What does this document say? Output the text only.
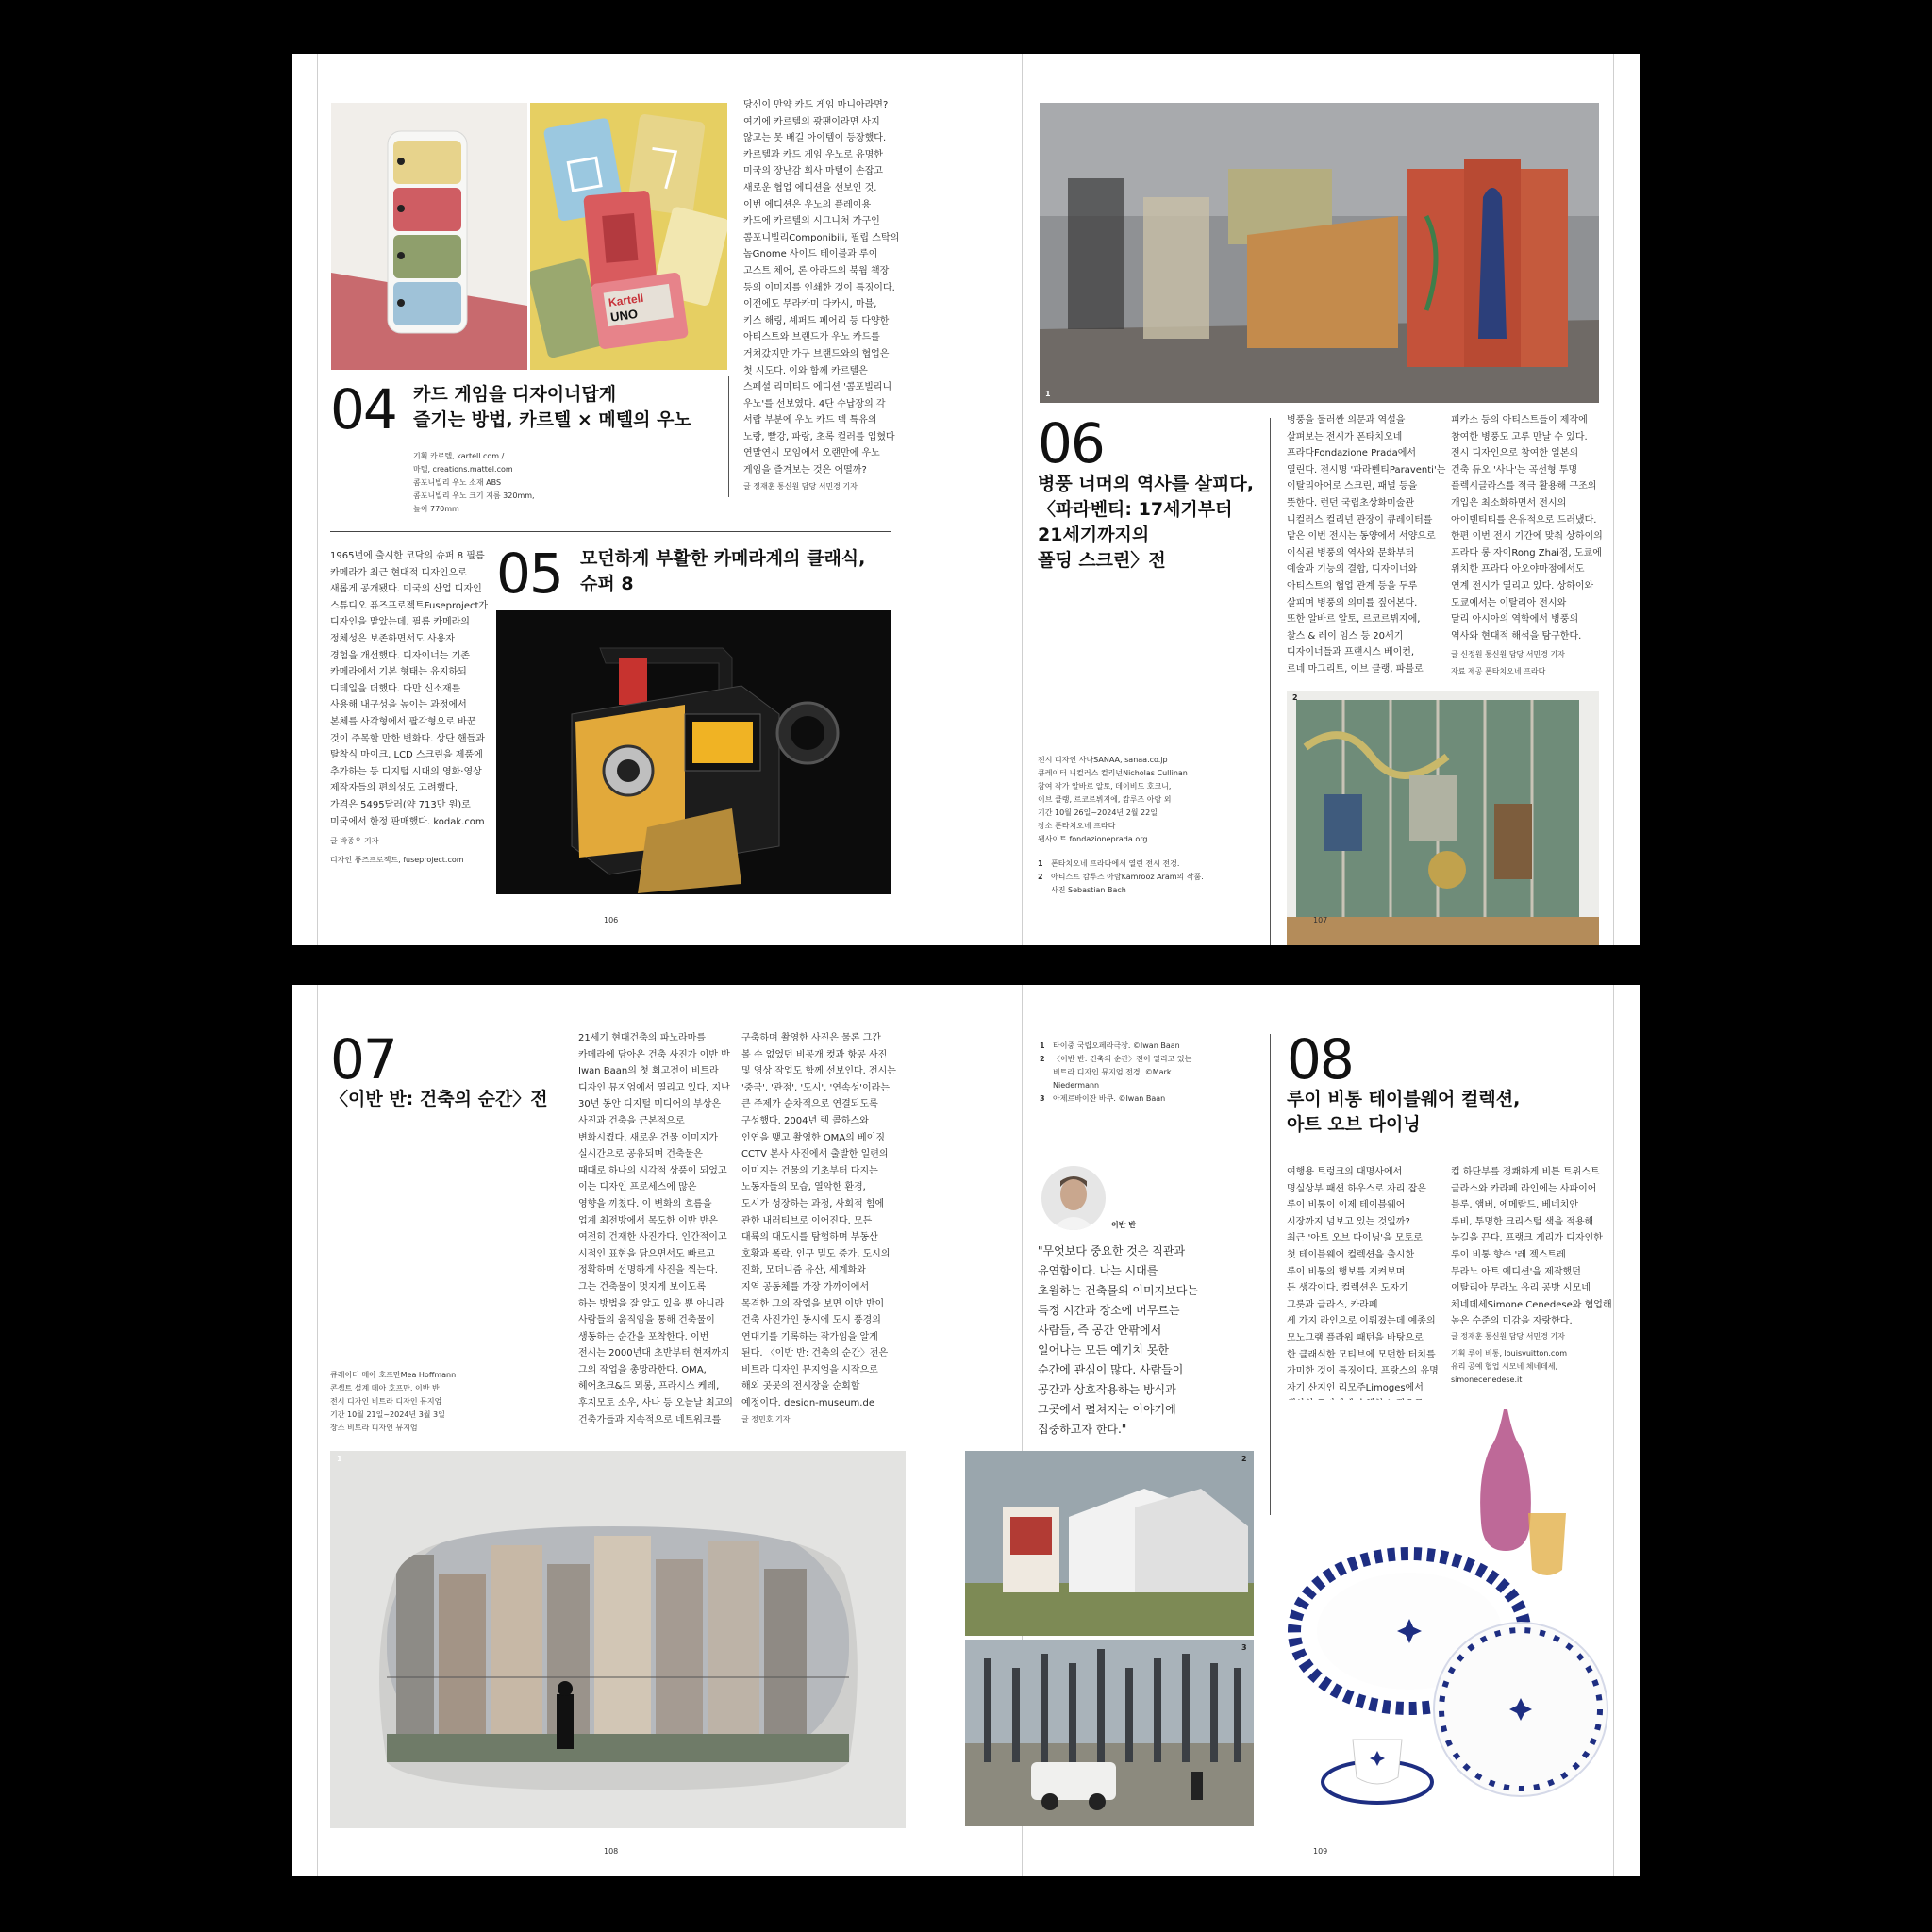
Kartell
UNO
당신이 만약 카드 게임 마니아라면?
여기에 카르텔의 광팬이라면 사지
않고는 못 배길 아이템이 등장했다.
카르텔과 카드 게임 우노로 유명한
미국의 장난감 회사 마텔이 손잡고
새로운 협업 에디션을 선보인 것.
이번 에디션은 우노의 플레이용
카드에 카르텔의 시그니처 가구인
콤포니빌리Componibili, 필립 스탁의
놈Gnome 사이드 테이블과 루이
고스트 체어, 론 아라드의 북웜 책장
등의 이미지를 인쇄한 것이 특징이다.
이전에도 무라카미 다카시, 마블,
키스 해링, 셰퍼드 페어리 등 다양한
아티스트와 브랜드가 우노 카드를
거쳐갔지만 가구 브랜드와의 협업은
첫 시도다. 이와 함께 카르텔은
스페셜 리미티드 에디션 '콤포빌리니
우노'를 선보였다. 4단 수납장의 각
서랍 부분에 우노 카드 덱 특유의
노랑, 빨강, 파랑, 초록 컬러를 입혔다
연말연시 모임에서 오랜만에 우노
게임을 즐겨보는 것은 어떨까?
글 정재훈 통신원 담당 서민경 기자
04 카드 게임을 디자이너답게
즐기는 방법, 카르텔 × 메텔의 우노
기획 카르텔, kartell.com /
마텔, creations.mattel.com
콤포니빌리 우노 소재 ABS
콤포니빌리 우노 크기 지름 320mm,
높이 770mm
1965년에 출시한 코닥의 슈퍼 8 필름
카메라가 최근 현대적 디자인으로
새롭게 공개됐다. 미국의 산업 디자인
스튜디오 퓨즈프로젝트Fuseproject가
디자인을 맡았는데, 필름 카메라의
정체성은 보존하면서도 사용자
경험을 개선했다. 디자이너는 기존
카메라에서 기본 형태는 유지하되
디테일을 더했다. 다만 신소재를
사용해 내구성을 높이는 과정에서
본체를 사각형에서 팔각형으로 바꾼
것이 주목할 만한 변화다. 상단 핸들과
탈착식 마이크, LCD 스크린을 제품에
추가하는 등 디지털 시대의 영화·영상
제작자들의 편의성도 고려했다.
가격은 5495달러(약 713만 원)로
미국에서 한정 판매했다. kodak.com
글 박종우 기자
디자인 퓨즈프로젝트, fuseproject.com
05 모던하게 부활한 카메라계의 클래식,
슈퍼 8
106
1
06
병풍 너머의 역사를 살피다,
〈파라벤티: 17세기부터
21세기까지의
폴딩 스크린〉전
병풍을 둘러싼 의문과 역설을
살펴보는 전시가 폰타치오네
프라다Fondazione Prada에서
열린다. 전시명 '파라벤티Paraventi'는
이탈리아어로 스크린, 패널 등을
뜻한다. 런던 국립초상화미술관
니컬러스 컬리넌 관장이 큐레이터를
맡은 이번 전시는 동양에서 서양으로
이식된 병풍의 역사와 문화부터
예술과 기능의 결합, 디자이너와
아티스트의 협업 관계 등을 두루
살피며 병풍의 의미를 짚어본다.
또한 알바르 알토, 르코르뷔지에,
찰스 & 레이 임스 등 20세기
디자이너들과 프랜시스 베이컨,
르네 마그리트, 이브 클랭, 파블로
피카소 등의 아티스트들이 제작에
참여한 병풍도 고루 만날 수 있다.
전시 디자인으로 참여한 일본의
건축 듀오 '사나'는 곡선형 투명
플렉시글라스를 적극 활용해 구조의
개입은 최소화하면서 전시의
아이덴티티를 은유적으로 드러냈다.
한편 이번 전시 기간에 맞춰 상하이의
프라다 롱 자이Rong Zhai점, 도쿄에
위치한 프라다 아오야마점에서도
연계 전시가 열리고 있다. 상하이와
도쿄에서는 이탈리아 전시와
달리 아시아의 역학에서 병풍의
역사와 현대적 해석을 탐구한다.
글 신정원 통신원 담당 서민경 기자
자료 제공 폰타치오네 프라다
전시 디자인 사나SANAA, sanaa.co.jp
큐레이터 니컬러스 컬리넌Nicholas Cullinan
참여 작가 알바르 알토, 데이비드 호크니,
이브 클랭, 르코르뷔지에, 캄루즈 아람 외
기간 10월 26일~2024년 2월 22일
장소 폰타치오네 프라다
웹사이트 fondazioneprada.org
1	폰타치오네 프라다에서 열린 전시 전경.
2	아티스트 캄루즈 아람Kamrooz Aram의 작품.
사진 Sebastian Bach
2
107
07
〈이반 반: 건축의 순간〉전
21세기 현대건축의 파노라마를
카메라에 담아온 건축 사진가 이반 반
Iwan Baan의 첫 회고전이 비트라
디자인 뮤지엄에서 열리고 있다. 지난
30년 동안 디지털 미디어의 부상은
사진과 건축을 근본적으로
변화시켰다. 새로운 건물 이미지가
실시간으로 공유되며 건축물은
때때로 하나의 시각적 상품이 되었고
이는 디자인 프로세스에 많은
영향을 끼쳤다. 이 변화의 흐름을
업계 최전방에서 목도한 이반 반은
여전히 건재한 사진가다. 인간적이고
시적인 표현을 담으면서도 빠르고
정확하며 선명하게 사진을 찍는다.
그는 건축물이 멋지게 보이도록
하는 방법을 잘 알고 있을 뿐 아니라
사람들의 움직임을 통해 건축물이
생동하는 순간을 포착한다. 이번
전시는 2000년대 초반부터 현재까지
그의 작업을 총망라한다. OMA,
헤어초크&드 뫼롱, 프라시스 케레,
후지모토 소우, 사나 등 오늘날 최고의
건축가들과 지속적으로 네트워크를
구축하며 촬영한 사진은 물론 그간
볼 수 없었던 비공개 컷과 항공 사진
및 영상 작업도 함께 선보인다. 전시는
'중국', '관점', '도시', '연속성'이라는
큰 주제가 순차적으로 연결되도록
구성했다. 2004년 렘 콜하스와
인연을 맺고 촬영한 OMA의 베이징
CCTV 본사 사진에서 출발한 일련의
이미지는 건물의 기초부터 다지는
노동자들의 모습, 열악한 환경,
도시가 성장하는 과정, 사회적 힘에
관한 내러티브로 이어진다. 모든
대륙의 대도시를 탐험하며 부동산
호황과 폭락, 인구 밀도 증가, 도시의
진화, 모더니즘 유산, 세계화와
지역 공동체를 가장 가까이에서
목격한 그의 작업을 보면 이반 반이
건축 사진가인 동시에 도시 풍경의
연대기를 기록하는 작가임을 알게
된다. 〈이반 반: 건축의 순간〉전은
비트라 디자인 뮤지엄을 시작으로
해외 곳곳의 전시장을 순회할
예정이다. design-museum.de
글 정민호 기자
큐레이터 메아 호프만Mea Hoffmann
콘셉트 설계 메아 호프만, 이반 반
전시 디자인 비트라 디자인 뮤지엄
기간 10월 21일~2024년 3월 3일
장소 비트라 디자인 뮤지엄
1
108
1	타이중 국립오페라극장. ©Iwan Baan
2	〈이반 반: 건축의 순간〉전이 열리고 있는 비트라 디자인 뮤지엄 전경. ©Mark Niedermann
3	아제르바이잔 바쿠. ©Iwan Baan
이반 반
"무엇보다 중요한 것은 직관과
유연함이다. 나는 시대를
초월하는 건축물의 이미지보다는
특정 시간과 장소에 머무르는
사람들, 즉 공간 안팎에서
일어나는 모든 예기치 못한
순간에 관심이 많다. 사람들이
공간과 상호작용하는 방식과
그곳에서 펼쳐지는 이야기에
집중하고자 한다."
2
3
08
루이 비통 테이블웨어 컬렉션,
아트 오브 다이닝
여행용 트렁크의 대명사에서
명실상부 패션 하우스로 자리 잡은
루이 비통이 이제 테이블웨어
시장까지 넘보고 있는 것일까?
최근 '아트 오브 다이닝'을 모토로
첫 테이블웨어 컬렉션을 출시한
루이 비통의 행보를 지켜보며
든 생각이다. 컬렉션은 도자기
그릇과 글라스, 카라페
세 가지 라인으로 이뤄졌는데 예종의
모노그램 플라워 패턴을 바탕으로
한 클래식한 모티브에 모던한 터치를
가미한 것이 특징이다. 프랑스의 유명
자기 산지인 리모주Limoges에서

컵 하단부를 경쾌하게 비튼 트위스트
글라스와 카라페 라인에는 사파이어
블루, 앰버, 에메랄드, 베네치안
루비, 투명한 크리스털 색을 적용해
눈길을 끈다. 프랭크 게리가 디자인한
루이 비통 향수 '레 젝스트레
무라노 아트 에디션'을 제작했던
이탈리아 무라노 유리 공방 시모네
체네데세Simone Cenedese와 협업해
높은 수준의 미감을 자랑한다.
글 정재훈 통신원 담당 서민경 기자
기획 루이 비통, louisvuitton.com
유리 공예 협업 시모네 체네데세,
simonecenedese.it
109
